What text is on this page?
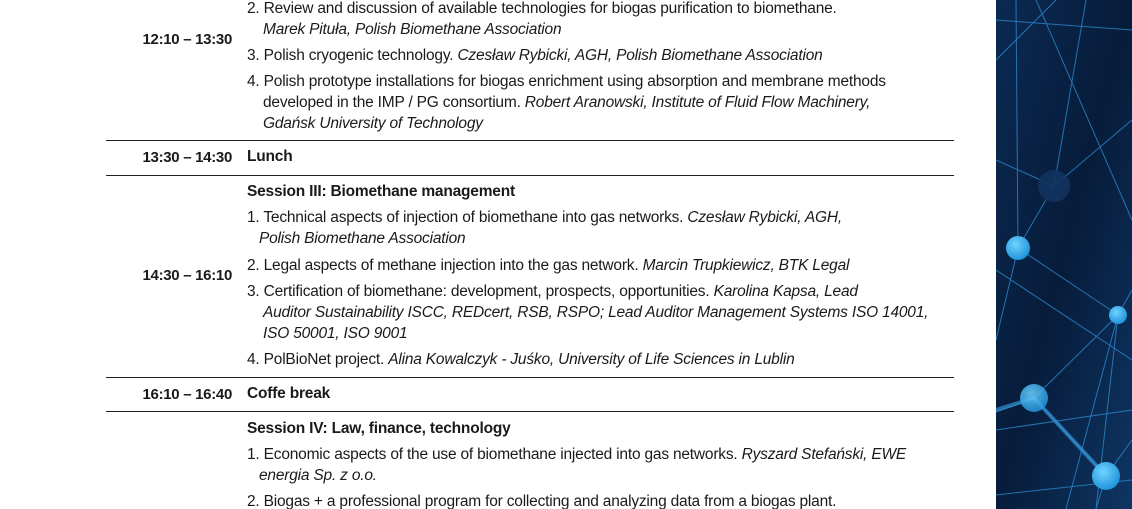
12:10 – 13:30
2. Review and discussion of available technologies for biogas purification to biomethane.
Marek Pituła, Polish Biomethane Association
3. Polish cryogenic technology. Czesław Rybicki, AGH, Polish Biomethane Association
4. Polish prototype installations for biogas enrichment using absorption and membrane methods
developed in the IMP / PG consortium. Robert Aranowski, Institute of Fluid Flow Machinery,
Gdańsk University of Technology
13:30 – 14:30 Lunch
14:30 – 16:10
Session III: Biomethane management
1. Technical aspects of injection of biomethane into gas networks. Czesław Rybicki, AGH,
Polish Biomethane Association
2. Legal aspects of methane injection into the gas network. Marcin Trupkiewicz, BTK Legal
3. Certification of biomethane: development, prospects, opportunities. Karolina Kapsa, Lead
Auditor Sustainability ISCC, REDcert, RSB, RSPO; Lead Auditor Management Systems ISO 14001,
ISO 50001, ISO 9001
4. PolBioNet project. Alina Kowalczyk - Juśko, University of Life Sciences in Lublin
16:10 – 16:40 Coffe break
Session IV: Law, finance, technology
1. Economic aspects of the use of biomethane injected into gas networks. Ryszard Stefański, EWE
energia Sp. z o.o.
2. Biogas + a professional program for collecting and analyzing data from a biogas plant.
